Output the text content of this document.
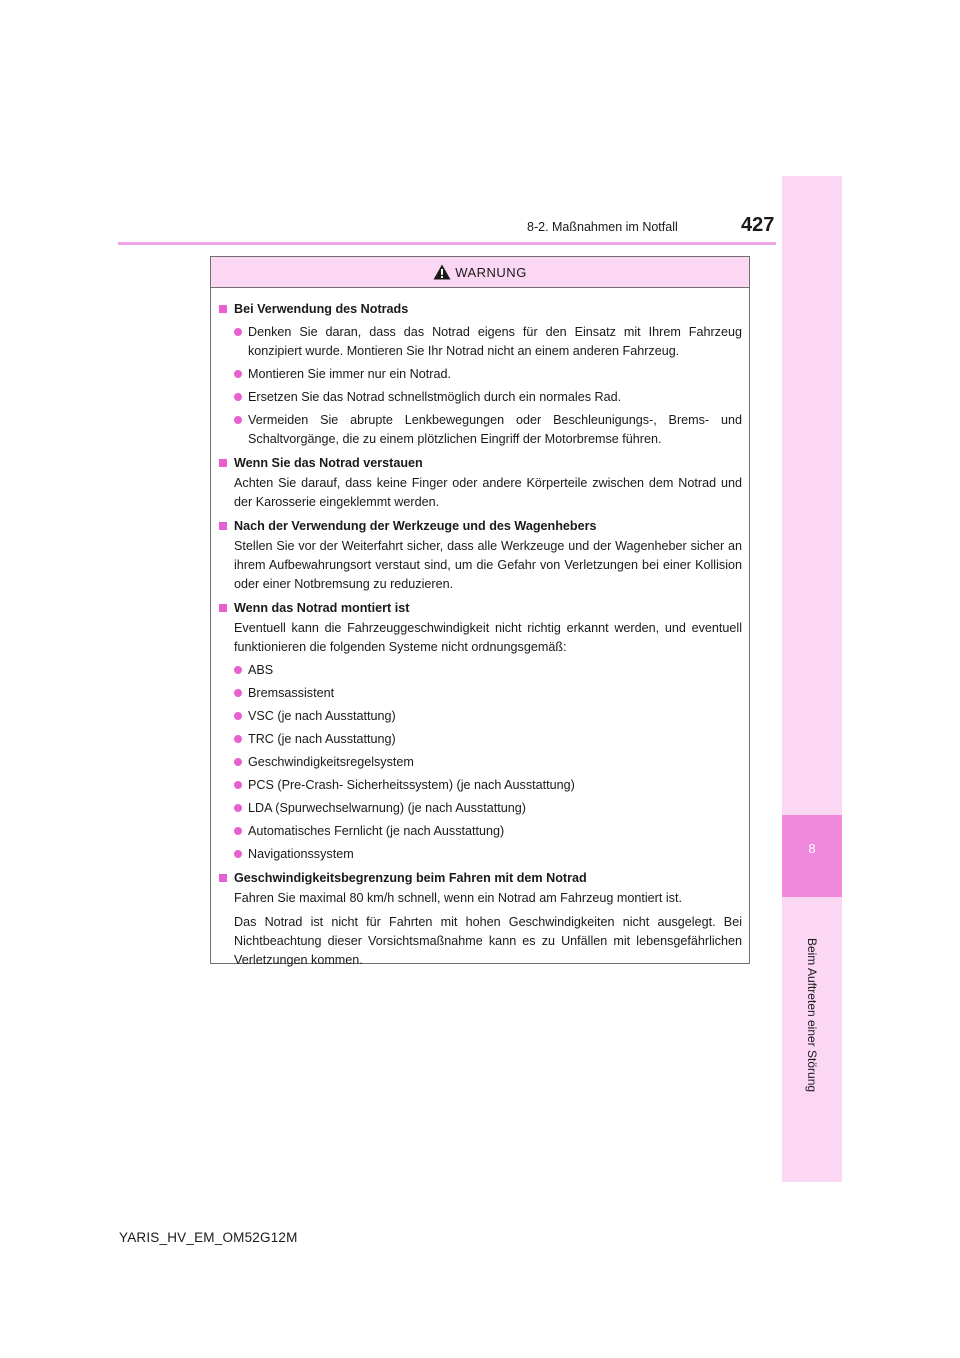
8
Beim Auftreten einer Störung
8-2. Maßnahmen im Notfall	427
WARNUNG
Bei Verwendung des Notrads
Denken Sie daran, dass das Notrad eigens für den Einsatz mit Ihrem Fahrzeug konzipiert wurde. Montieren Sie Ihr Notrad nicht an einem anderen Fahrzeug.
Montieren Sie immer nur ein Notrad.
Ersetzen Sie das Notrad schnellstmöglich durch ein normales Rad.
Vermeiden Sie abrupte Lenkbewegungen oder Beschleunigungs-, Brems- und Schaltvorgänge, die zu einem plötzlichen Eingriff der Motorbremse führen.
Wenn Sie das Notrad verstauen
Achten Sie darauf, dass keine Finger oder andere Körperteile zwischen dem Notrad und der Karosserie eingeklemmt werden.
Nach der Verwendung der Werkzeuge und des Wagenhebers
Stellen Sie vor der Weiterfahrt sicher, dass alle Werkzeuge und der Wagenheber sicher an ihrem Aufbewahrungsort verstaut sind, um die Gefahr von Verletzungen bei einer Kollision oder einer Notbremsung zu reduzieren.
Wenn das Notrad montiert ist
Eventuell kann die Fahrzeuggeschwindigkeit nicht richtig erkannt werden, und eventuell funktionieren die folgenden Systeme nicht ordnungsgemäß:
ABS
Bremsassistent
VSC (je nach Ausstattung)
TRC (je nach Ausstattung)
Geschwindigkeitsregelsystem
PCS (Pre-Crash- Sicherheitssystem) (je nach Ausstattung)
LDA (Spurwechselwarnung) (je nach Ausstattung)
Automatisches Fernlicht (je nach Ausstattung)
Navigationssystem
Geschwindigkeitsbegrenzung beim Fahren mit dem Notrad
Fahren Sie maximal 80 km/h schnell, wenn ein Notrad am Fahrzeug montiert ist.
Das Notrad ist nicht für Fahrten mit hohen Geschwindigkeiten nicht ausgelegt. Bei Nichtbeachtung dieser Vorsichtsmaßnahme kann es zu Unfällen mit lebensgefährlichen Verletzungen kommen.
YARIS_HV_EM_OM52G12M
